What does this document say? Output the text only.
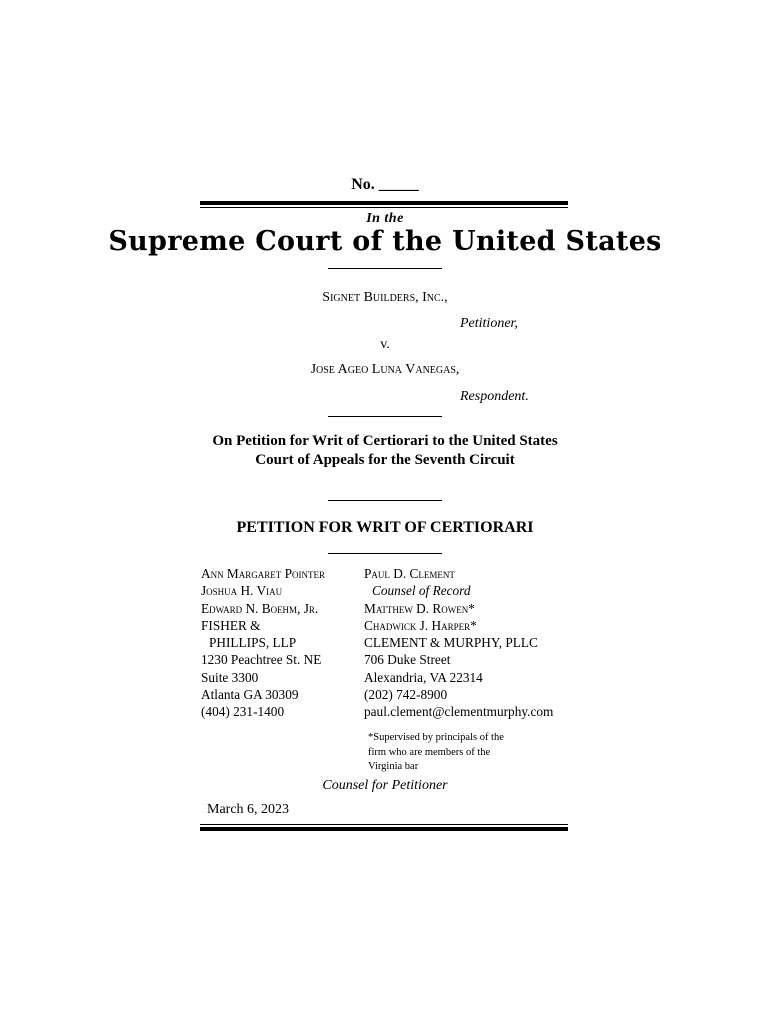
No. _____
In the
Supreme Court of the United States
Signet Builders, Inc.,
Petitioner,
v.
Jose Ageo Luna Vanegas,
Respondent.
On Petition for Writ of Certiorari to the United States Court of Appeals for the Seventh Circuit
PETITION FOR WRIT OF CERTIORARI
Ann Margaret Pointer
Joshua H. Viau
Edward N. Boehm, Jr.
FISHER &
PHILLIPS, LLP
1230 Peachtree St. NE
Suite 3300
Atlanta GA 30309
(404) 231-1400
Paul D. Clement
Counsel of Record
Matthew D. Rowen*
Chadwick J. Harper*
CLEMENT & MURPHY, PLLC
706 Duke Street
Alexandria, VA 22314
(202) 742-8900
paul.clement@clementmurphy.com
*Supervised by principals of the
firm who are members of the
Virginia bar
Counsel for Petitioner
March 6, 2023
